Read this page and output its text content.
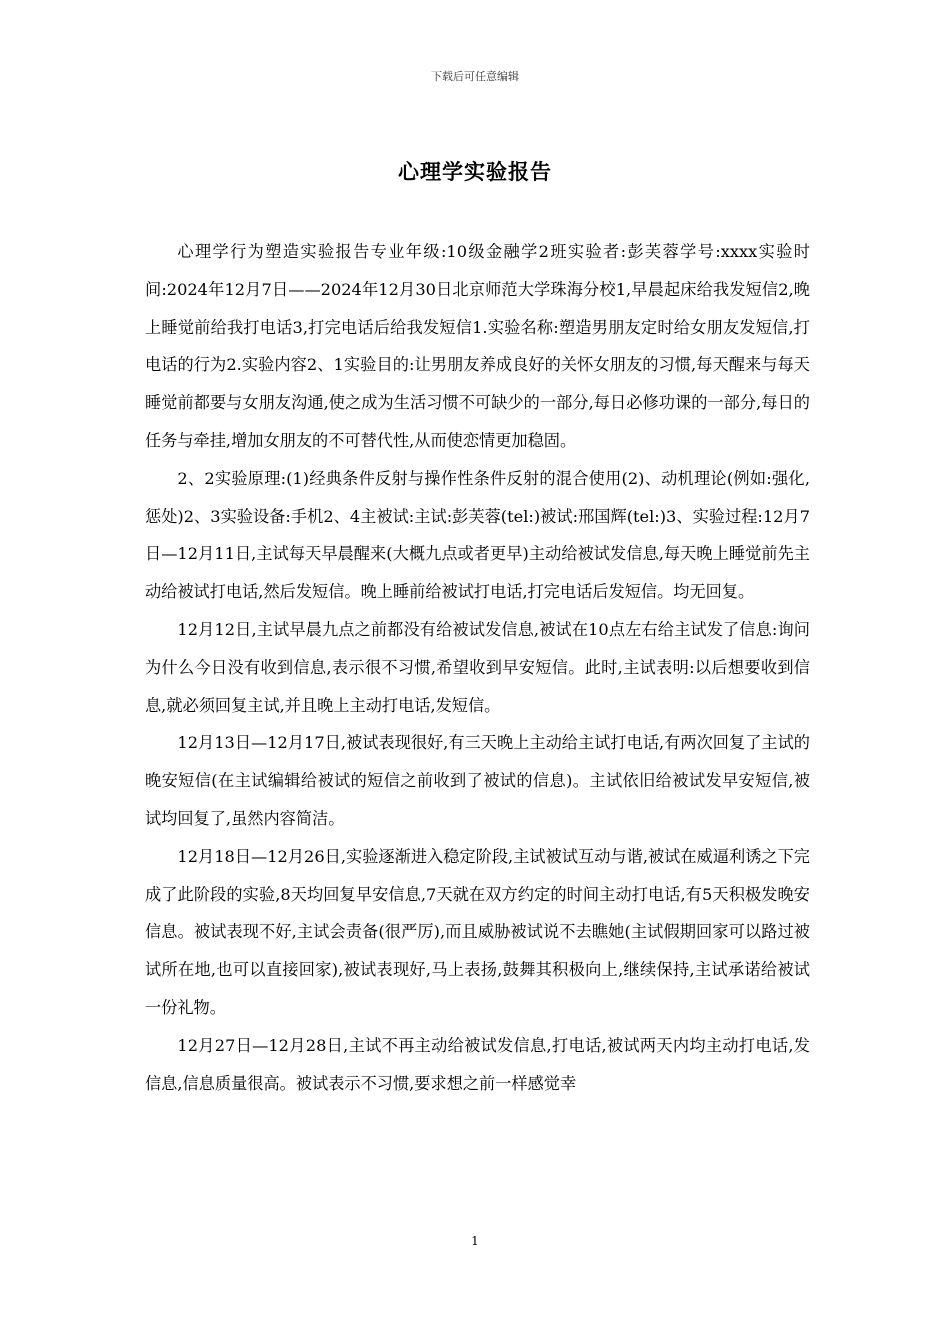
下载后可任意编辑
心理学实验报告

心理学行为塑造实验报告专业年级:10级金融学2班实验者:彭芙蓉学号:xxxx实验时间:2024年12月7日——2024年12月30日北京师范大学珠海分校1,早晨起床给我发短信2,晚上睡觉前给我打电话3,打完电话后给我发短信1.实验名称:塑造男朋友定时给女朋友发短信,打电话的行为2.实验内容2、1实验目的:让男朋友养成良好的关怀女朋友的习惯,每天醒来与每天睡觉前都要与女朋友沟通,使之成为生活习惯不可缺少的一部分,每日必修功课的一部分,每日的任务与牵挂,增加女朋友的不可替代性,从而使恋情更加稳固。

2、2实验原理:(1)经典条件反射与操作性条件反射的混合使用(2)、动机理论(例如:强化,惩处)2、3实验设备:手机2、4主被试:主试:彭芙蓉(tel:)被试:邢国辉(tel:)3、实验过程:12月7日—12月11日,主试每天早晨醒来(大概九点或者更早)主动给被试发信息,每天晚上睡觉前先主动给被试打电话,然后发短信。晚上睡前给被试打电话,打完电话后发短信。均无回复。

12月12日,主试早晨九点之前都没有给被试发信息,被试在10点左右给主试发了信息:询问为什么今日没有收到信息,表示很不习惯,希望收到早安短信。此时,主试表明:以后想要收到信息,就必须回复主试,并且晚上主动打电话,发短信。

12月13日—12月17日,被试表现很好,有三天晚上主动给主试打电话,有两次回复了主试的晚安短信(在主试编辑给被试的短信之前收到了被试的信息)。主试依旧给被试发早安短信,被试均回复了,虽然内容简洁。

12月18日—12月26日,实验逐渐进入稳定阶段,主试被试互动与谐,被试在威逼利诱之下完成了此阶段的实验,8天均回复早安信息,7天就在双方约定的时间主动打电话,有5天积极发晚安信息。被试表现不好,主试会责备(很严厉),而且威胁被试说不去瞧她(主试假期回家可以路过被试所在地,也可以直接回家),被试表现好,马上表扬,鼓舞其积极向上,继续保持,主试承诺给被试一份礼物。

12月27日—12月28日,主试不再主动给被试发信息,打电话,被试两天内均主动打电话,发信息,信息质量很高。被试表示不习惯,要求想之前一样感觉幸

1
